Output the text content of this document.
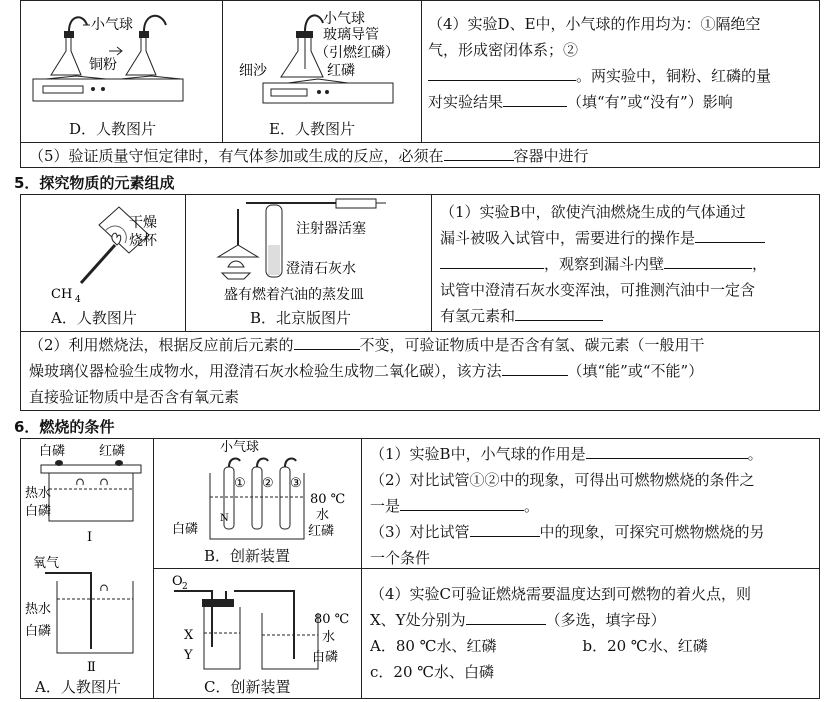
小气球
铜粉
D．人教图片
小气球
玻璃导管
（引燃红磷）
细沙	红磷
E．人教图片
（4）实验D、E中，小气球的作用均为：①隔绝空
气，形成密闭体系；②
。两实验中，铜粉、红磷的量
对实验结果	（填“有”或“没有”）影响
（5）验证质量守恒定律时，有气体参加或生成的反应，必须在	容器中进行
5．探究物质的元素组成
干燥
烧杯
CH 4
A．人教图片
注射器活塞
澄清石灰水
盛有燃着汽油的蒸发皿
B．北京版图片
（1）实验B中，欲使汽油燃烧生成的气体通过
漏斗被吸入试管中，需要进行的操作是
，观察到漏斗内壁	，
试管中澄清石灰水变浑浊，可推测汽油中一定含
有氢元素和
（2）利用燃烧法，根据反应前后元素的	不变，可验证物质中是否含有氢、碳元素（一般用干
燥玻璃仪器检验生成物水，用澄清石灰水检验生成物二氧化碳），该方法	（填“能”或“不能”）
直接验证物质中是否含有氧元素
6．燃烧的条件
白磷	红磷
热水
白磷
Ⅰ
氧气
热水
白磷
Ⅱ
A．人教图片
小气球
① ② ③
N
80 ℃
水
红磷
白磷
B．创新装置
（1）实验B中，小气球的作用是	。
（2）对比试管①②中的现象，可得出可燃物燃烧的条件之
一是	。
（3）对比试管	中的现象，可探究可燃物燃烧的另
一个条件
O 2
X
Y
80 ℃
水
白磷
C．创新装置
（4）实验C可验证燃烧需要温度达到可燃物的着火点，则
X、Y处分别为	（多选，填字母）
A．80 ℃水、红磷	b．20 ℃水、红磷
c．20 ℃水、白磷
